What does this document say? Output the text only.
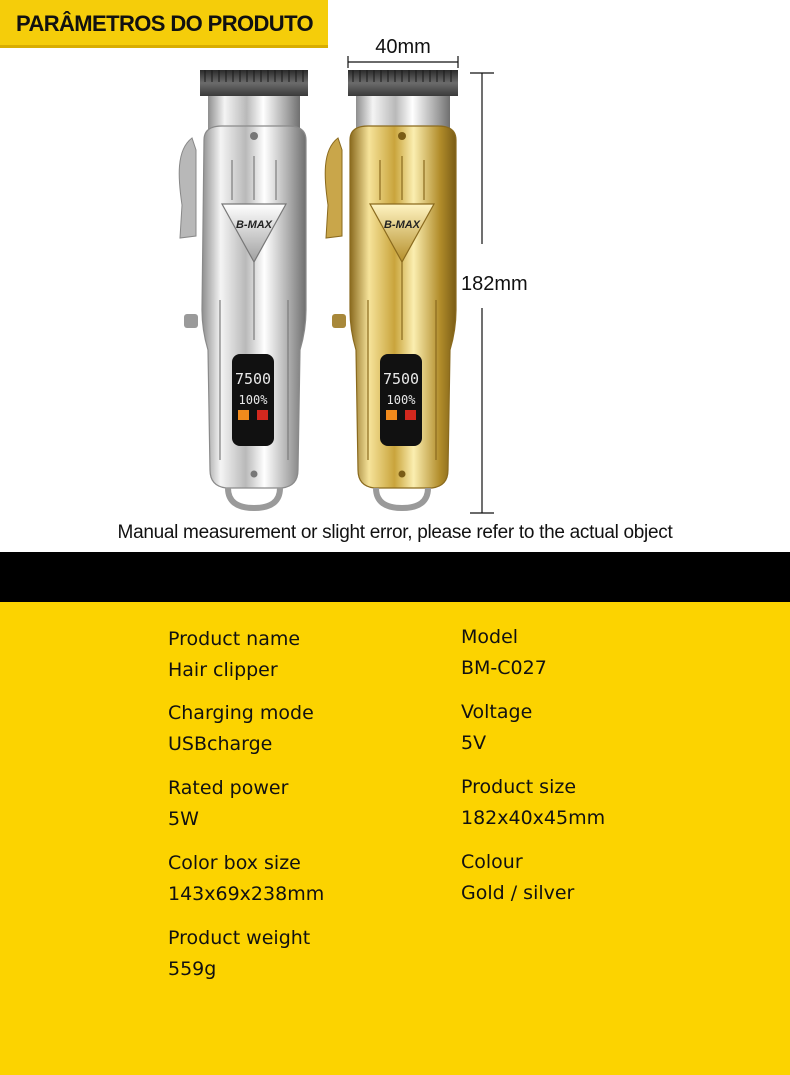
PARÂMETROS DO PRODUTO
40mm
182mm
B-MAX
7500
100%
B-MAX
7500
100%
Manual measurement or slight error, please refer to the actual object
Product name
Hair clipper
Model
BM-C027
Charging mode
USBcharge
Voltage
5V
Rated power
5W
Product size
182x40x45mm
Color box size
143x69x238mm
Colour
Gold / silver
Product weight
559g
